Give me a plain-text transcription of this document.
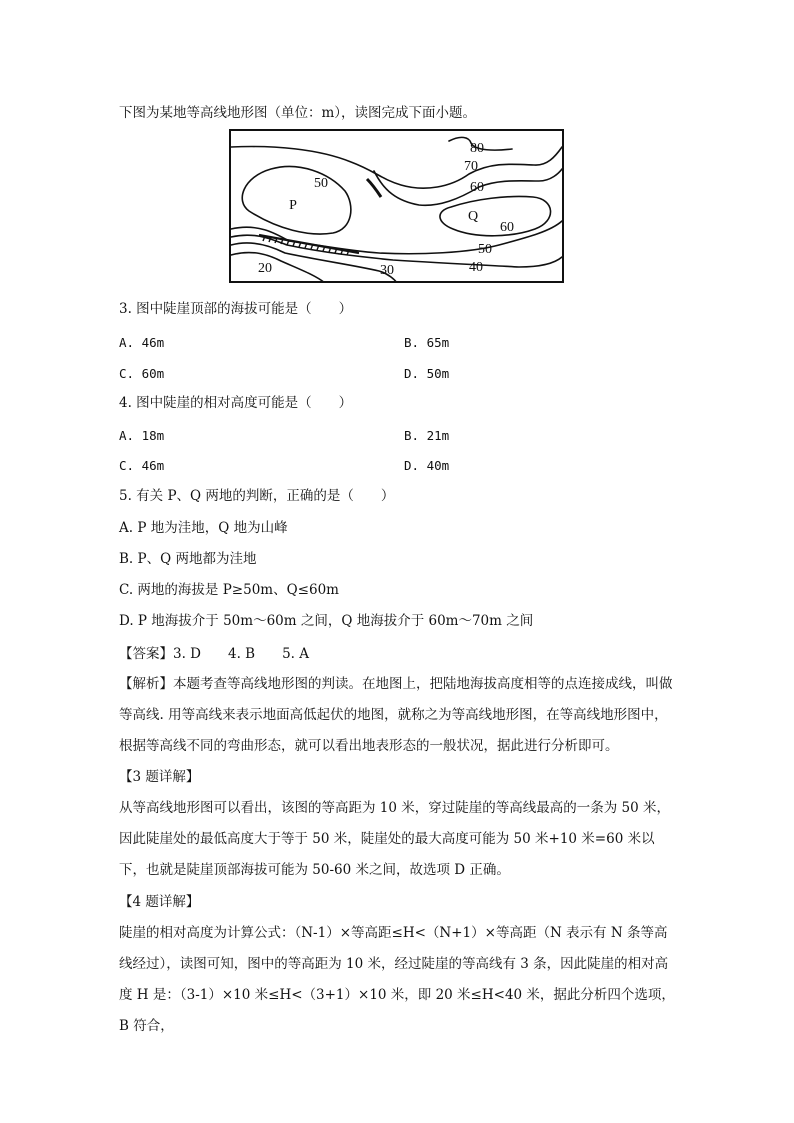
下图为某地等高线地形图（单位：m），读图完成下面小题。
80
70
60
50
P
Q
60
50
40
20	30
3. 图中陡崖顶部的海拔可能是（　　）
A. 46m	B. 65m
C. 60m	D. 50m
4. 图中陡崖的相对高度可能是（　　）
A. 18m	B. 21m
C. 46m	D. 40m
5. 有关 P、Q 两地的判断，正确的是（　　）
A. P 地为洼地，Q 地为山峰
B. P、Q 两地都为洼地
C. 两地的海拔是 P≥50m、Q≤60m
D. P 地海拔介于 50m～60m 之间，Q 地海拔介于 60m～70m 之间
【答案】3. D　　4. B　　5. A
【解析】本题考查等高线地形图的判读。在地图上，把陆地海拔高度相等的点连接成线，叫做等高线. 用等高线来表示地面高低起伏的地图，就称之为等高线地形图，在等高线地形图中，根据等高线不同的弯曲形态，就可以看出地表形态的一般状况，据此进行分析即可。
【3 题详解】
从等高线地形图可以看出，该图的等高距为 10 米，穿过陡崖的等高线最高的一条为 50 米，因此陡崖处的最低高度大于等于 50 米，陡崖处的最大高度可能为 50 米+10 米=60 米以下，也就是陡崖顶部海拔可能为 50-60 米之间，故选项 D 正确。
【4 题详解】
陡崖的相对高度为计算公式：（N-1）×等高距≤H<（N+1）×等高距（N 表示有 N 条等高线经过），读图可知，图中的等高距为 10 米，经过陡崖的等高线有 3 条，因此陡崖的相对高度 H 是：（3-1）×10 米≤H<（3+1）×10 米，即 20 米≤H<40 米，据此分析四个选项，B 符合，
